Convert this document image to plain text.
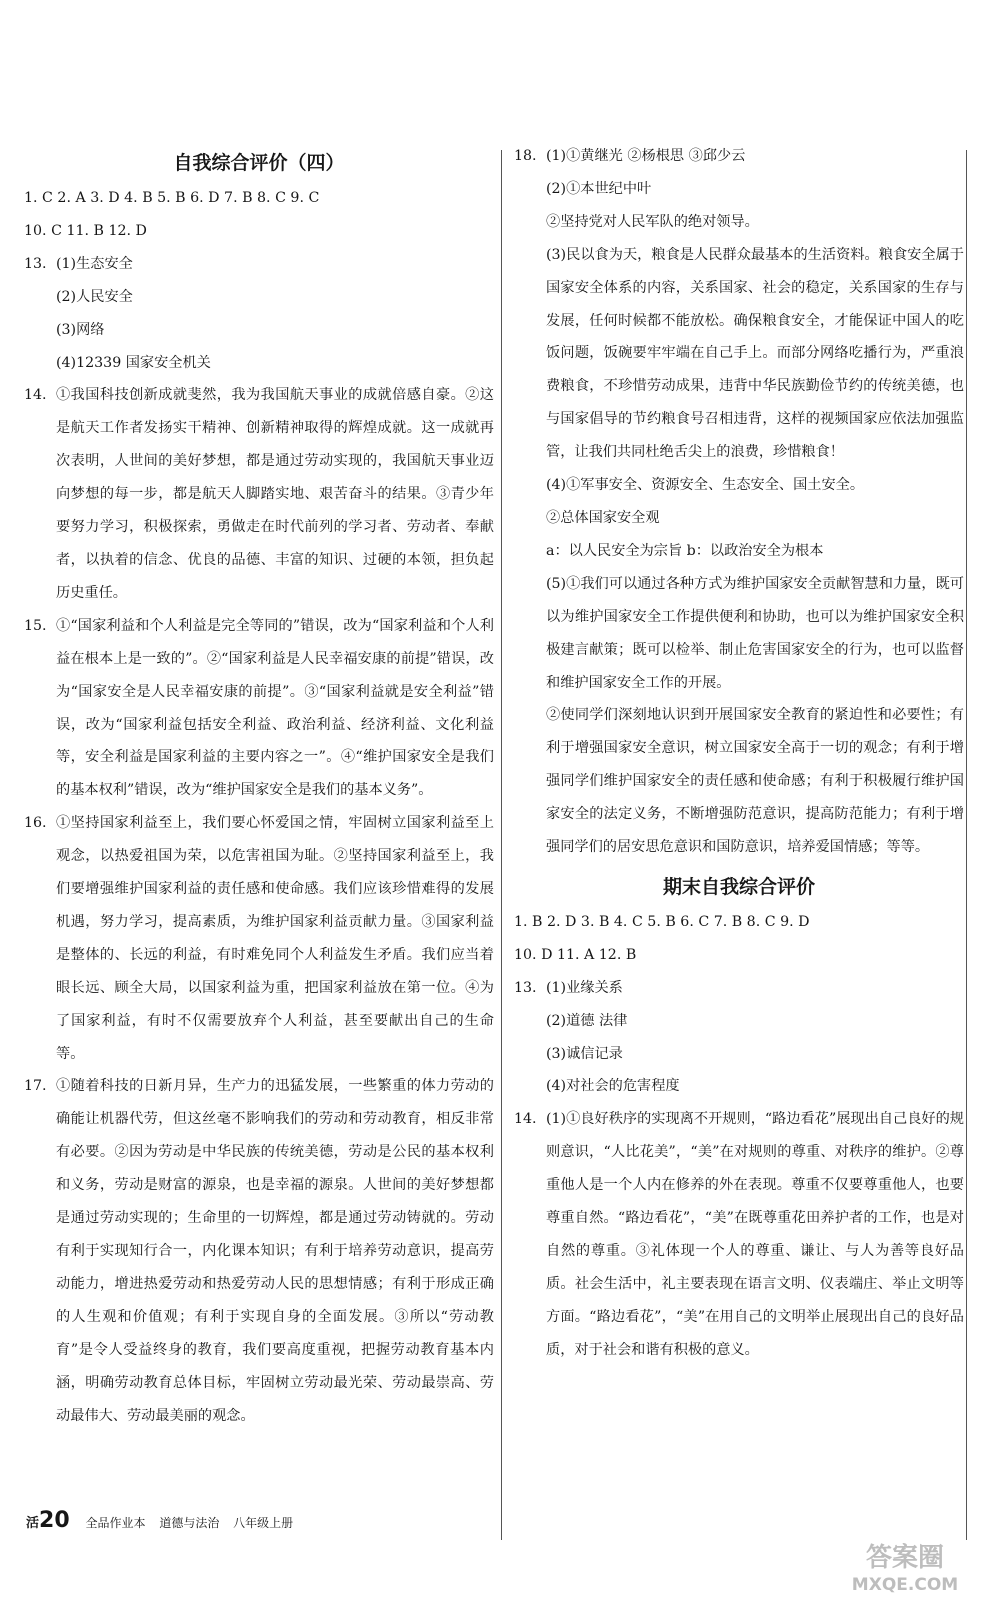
自我综合评价（四）
1. C 2. A 3. D 4. B 5. B 6. D 7. B 8. C 9. C
10. C 11. B 12. D
13. (1)生态安全
(2)人民安全
(3)网络
(4)12339 国家安全机关
14. ①我国科技创新成就斐然，我为我国航天事业的成就倍感自豪。②这是航天工作者发扬实干精神、创新精神取得的辉煌成就。这一成就再次表明，人世间的美好梦想，都是通过劳动实现的，我国航天事业迈向梦想的每一步，都是航天人脚踏实地、艰苦奋斗的结果。③青少年要努力学习，积极探索，勇做走在时代前列的学习者、劳动者、奉献者，以执着的信念、优良的品德、丰富的知识、过硬的本领，担负起历史重任。
15. ①“国家利益和个人利益是完全等同的”错误，改为“国家利益和个人利益在根本上是一致的”。②“国家利益是人民幸福安康的前提”错误，改为“国家安全是人民幸福安康的前提”。③“国家利益就是安全利益”错误，改为“国家利益包括安全利益、政治利益、经济利益、文化利益等，安全利益是国家利益的主要内容之一”。④“维护国家安全是我们的基本权利”错误，改为“维护国家安全是我们的基本义务”。
16. ①坚持国家利益至上，我们要心怀爱国之情，牢固树立国家利益至上观念，以热爱祖国为荣，以危害祖国为耻。②坚持国家利益至上，我们要增强维护国家利益的责任感和使命感。我们应该珍惜难得的发展机遇，努力学习，提高素质，为维护国家利益贡献力量。③国家利益是整体的、长远的利益，有时难免同个人利益发生矛盾。我们应当着眼长远、顾全大局，以国家利益为重，把国家利益放在第一位。④为了国家利益，有时不仅需要放弃个人利益，甚至要献出自己的生命等。
17. ①随着科技的日新月异，生产力的迅猛发展，一些繁重的体力劳动的确能让机器代劳，但这丝毫不影响我们的劳动和劳动教育，相反非常有必要。②因为劳动是中华民族的传统美德，劳动是公民的基本权利和义务，劳动是财富的源泉，也是幸福的源泉。人世间的美好梦想都是通过劳动实现的；生命里的一切辉煌，都是通过劳动铸就的。劳动有利于实现知行合一，内化课本知识；有利于培养劳动意识，提高劳动能力，增进热爱劳动和热爱劳动人民的思想情感；有利于形成正确的人生观和价值观；有利于实现自身的全面发展。③所以“劳动教育”是令人受益终身的教育，我们要高度重视，把握劳动教育基本内涵，明确劳动教育总体目标，牢固树立劳动最光荣、劳动最崇高、劳动最伟大、劳动最美丽的观念。
18. (1)①黄继光 ②杨根思 ③邱少云
(2)①本世纪中叶
②坚持党对人民军队的绝对领导。
(3)民以食为天，粮食是人民群众最基本的生活资料。粮食安全属于国家安全体系的内容，关系国家、社会的稳定，关系国家的生存与发展，任何时候都不能放松。确保粮食安全，才能保证中国人的吃饭问题，饭碗要牢牢端在自己手上。而部分网络吃播行为，严重浪费粮食，不珍惜劳动成果，违背中华民族勤俭节约的传统美德，也与国家倡导的节约粮食号召相违背，这样的视频国家应依法加强监管，让我们共同杜绝舌尖上的浪费，珍惜粮食！
(4)①军事安全、资源安全、生态安全、国土安全。
②总体国家安全观
a：以人民安全为宗旨 b：以政治安全为根本
(5)①我们可以通过各种方式为维护国家安全贡献智慧和力量，既可以为维护国家安全工作提供便利和协助，也可以为维护国家安全积极建言献策；既可以检举、制止危害国家安全的行为，也可以监督和维护国家安全工作的开展。
②使同学们深刻地认识到开展国家安全教育的紧迫性和必要性；有利于增强国家安全意识，树立国家安全高于一切的观念；有利于增强同学们维护国家安全的责任感和使命感；有利于积极履行维护国家安全的法定义务，不断增强防范意识，提高防范能力；有利于增强同学们的居安思危意识和国防意识，培养爱国情感；等等。
期末自我综合评价
1. B 2. D 3. B 4. C 5. B 6. C 7. B 8. C 9. D
10. D 11. A 12. B
13. (1)业缘关系
(2)道德 法律
(3)诚信记录
(4)对社会的危害程度
14. (1)①良好秩序的实现离不开规则，“路边看花”展现出自己良好的规则意识，“人比花美”，“美”在对规则的尊重、对秩序的维护。②尊重他人是一个人内在修养的外在表现。尊重不仅要尊重他人，也要尊重自然。“路边看花”，“美”在既尊重花田养护者的工作，也是对自然的尊重。③礼体现一个人的尊重、谦让、与人为善等良好品质。社会生活中，礼主要表现在语言文明、仪表端庄、举止文明等方面。“路边看花”，“美”在用自己的文明举止展现出自己的良好品质，对于社会和谐有积极的意义。
活20 全品作业本 道德与法治 八年级上册
答案圈
MXQE.COM
